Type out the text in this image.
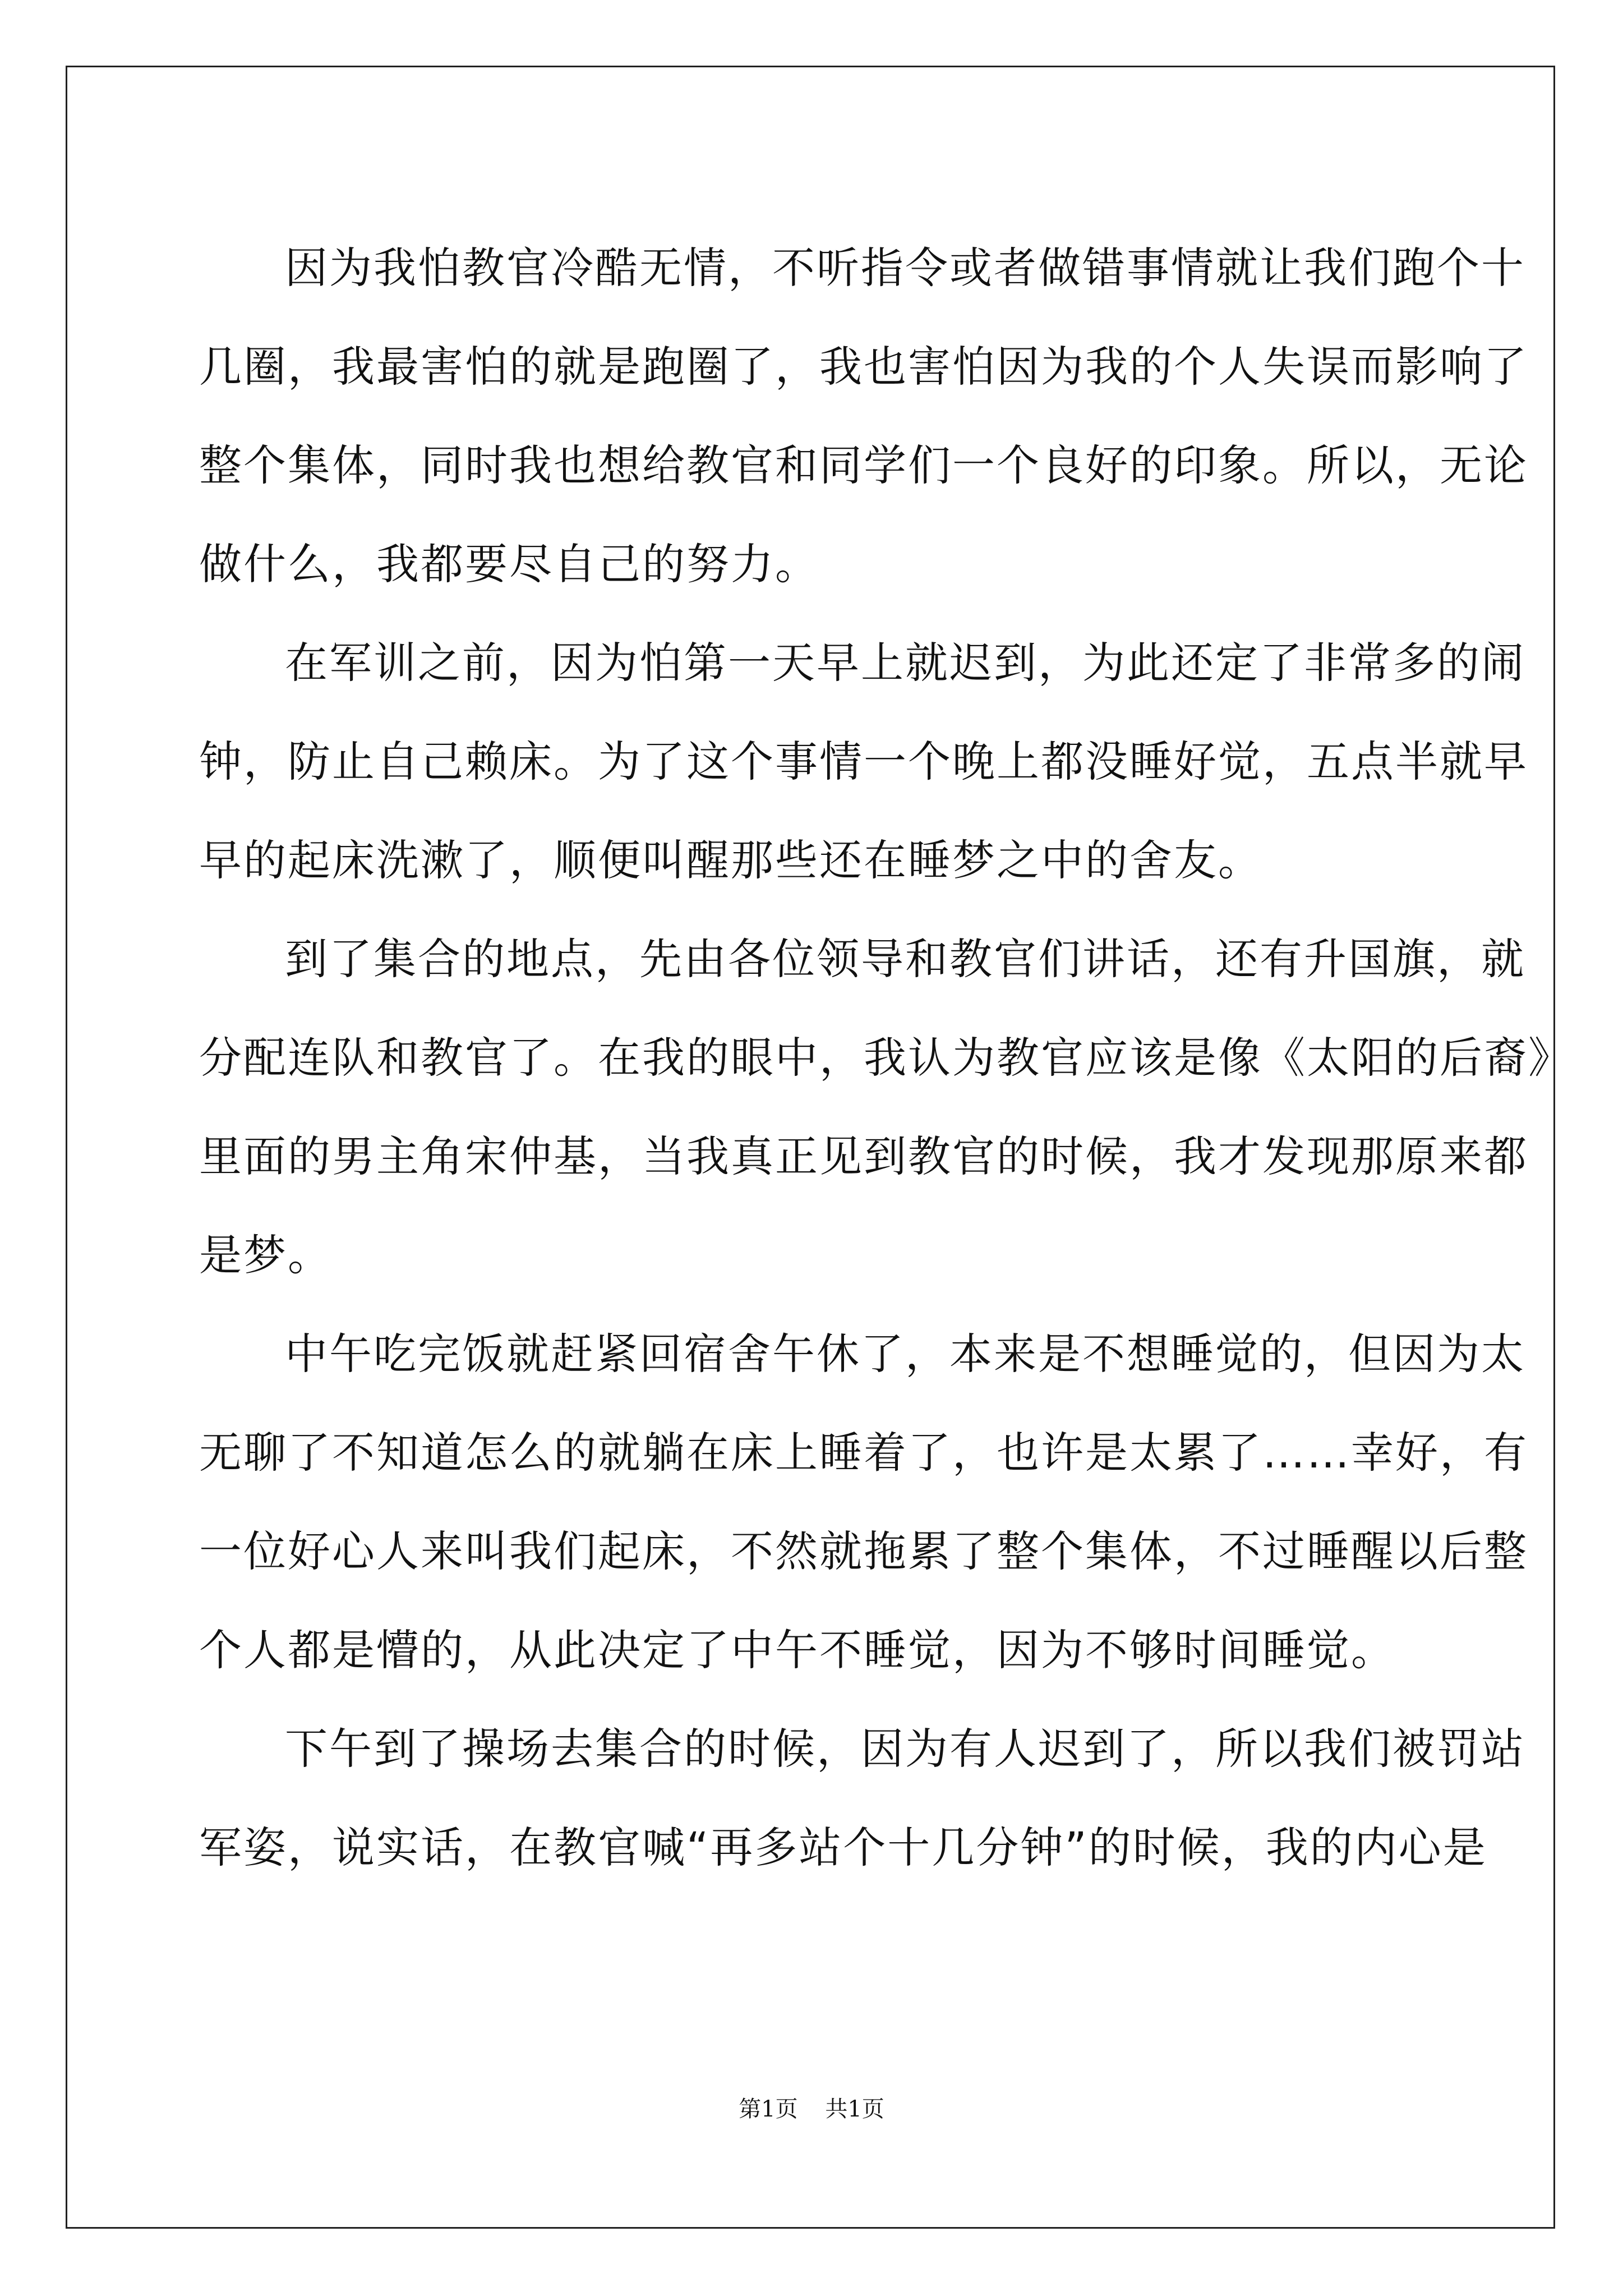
因为我怕教官冷酷无情，不听指令或者做错事情就让我们跑个十
几圈，我最害怕的就是跑圈了，我也害怕因为我的个人失误而影响了
整个集体，同时我也想给教官和同学们一个良好的印象。所以，无论
做什么，我都要尽自己的努力。
在军训之前，因为怕第一天早上就迟到，为此还定了非常多的闹
钟，防止自己赖床。为了这个事情一个晚上都没睡好觉，五点半就早
早的起床洗漱了，顺便叫醒那些还在睡梦之中的舍友。
到了集合的地点，先由各位领导和教官们讲话，还有升国旗，就
分配连队和教官了。在我的眼中，我认为教官应该是像《太阳的后裔》
里面的男主角宋仲基，当我真正见到教官的时候，我才发现那原来都
是梦。
中午吃完饭就赶紧回宿舍午休了，本来是不想睡觉的，但因为太
无聊了不知道怎么的就躺在床上睡着了，也许是太累了……幸好，有
一位好心人来叫我们起床，不然就拖累了整个集体，不过睡醒以后整
个人都是懵的，从此决定了中午不睡觉，因为不够时间睡觉。
下午到了操场去集合的时候，因为有人迟到了，所以我们被罚站
军姿，说实话，在教官喊“再多站个十几分钟”的时候，我的内心是
第1页 共1页
